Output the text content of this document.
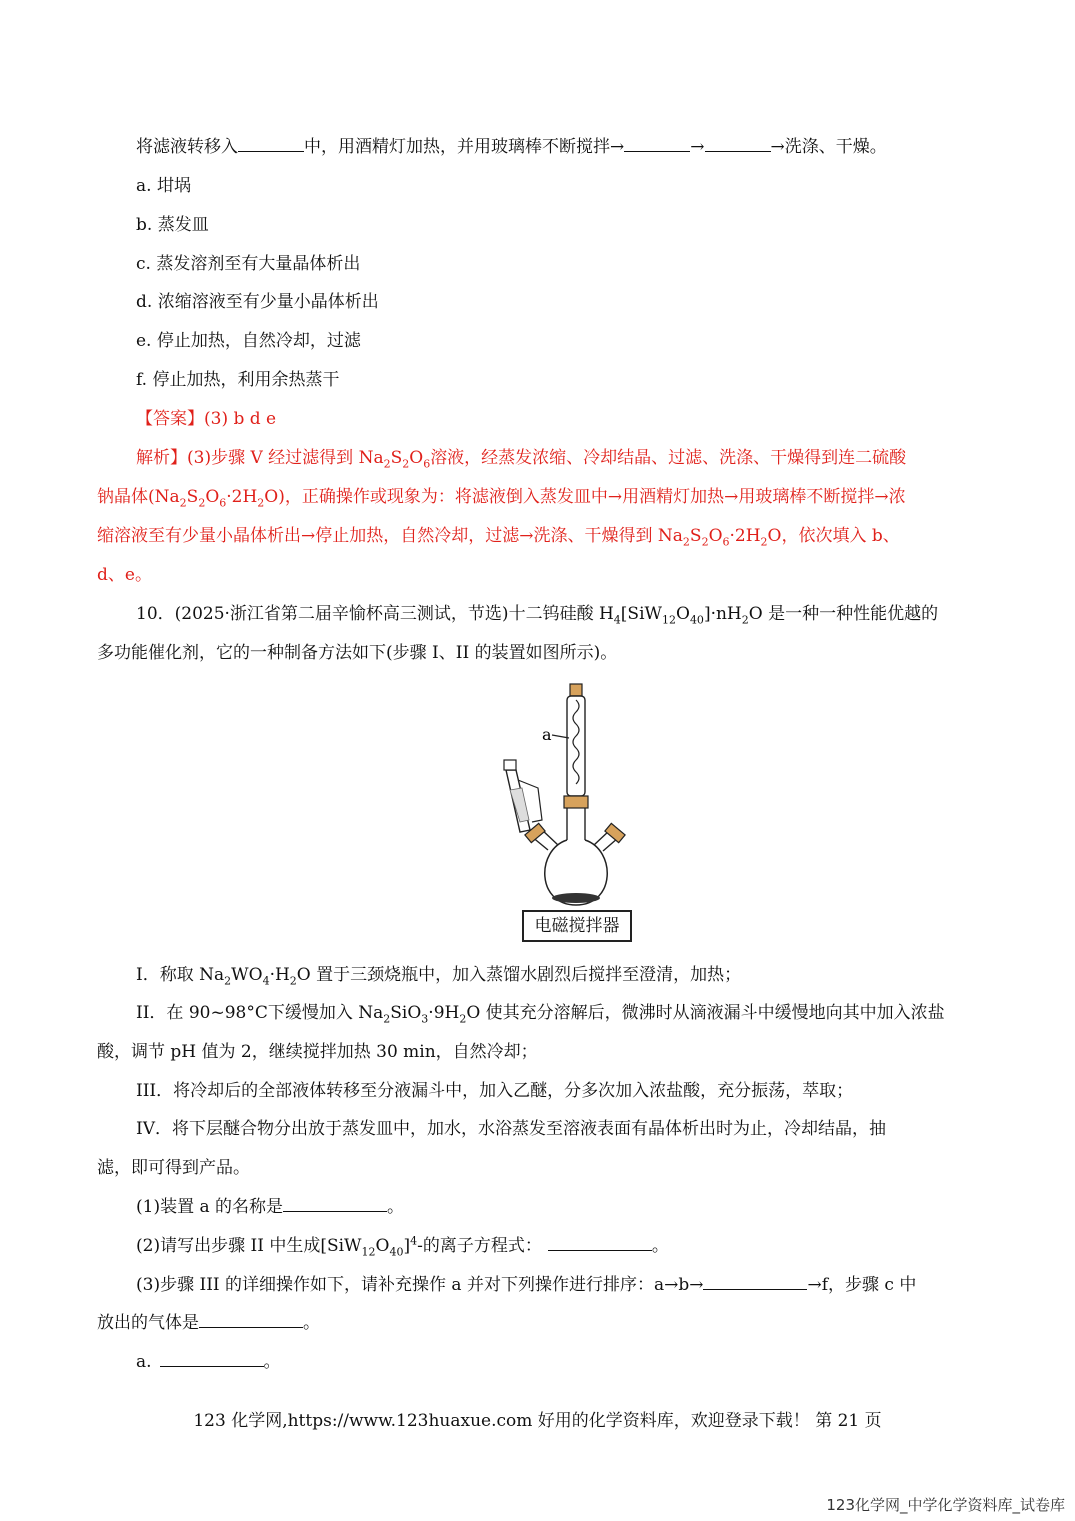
将滤液转移入	中，用酒精灯加热，并用玻璃棒不断搅拌→	→	→洗涤、干燥。
a. 坩埚
b. 蒸发皿
c. 蒸发溶剂至有大量晶体析出
d. 浓缩溶液至有少量小晶体析出
e. 停止加热，自然冷却，过滤
f. 停止加热，利用余热蒸干
【答案】(3) b d e
解析】(3)步骤 V 经过滤得到 $Na_2S_2O_6$溶液，经蒸发浓缩、冷却结晶、过滤、洗涤、干燥得到连二硫酸
钠晶体$(Na_2S_2O_6\cdot 2H_2O)$，正确操作或现象为：将滤液倒入蒸发皿中→用酒精灯加热→用玻璃棒不断搅拌→浓
缩溶液至有少量小晶体析出→停止加热，自然冷却，过滤→洗涤、干燥得到 $Na_2S_2O_6\cdot 2H_2O$，依次填入 b、
d、e。
10．(2025·浙江省第二届辛愉杯高三测试，节选)十二钨硅酸 $H_4[SiW_{12}O_{40}]\cdot nH_2O$ 是一种一种性能优越的
多功能催化剂，它的一种制备方法如下(步骤 I、II 的装置如图所示)。
a
电磁搅拌器
I．称取 $Na_2WO_4\cdot H_2O$ 置于三颈烧瓶中，加入蒸馏水剧烈后搅拌至澄清，加热；
II．在 90~98°C下缓慢加入 $Na_2SiO_3\cdot 9H_2O$ 使其充分溶解后，微沸时从滴液漏斗中缓慢地向其中加入浓盐
酸，调节 pH 值为 2，继续搅拌加热 30 min，自然冷却；
III．将冷却后的全部液体转移至分液漏斗中，加入乙醚，分多次加入浓盐酸，充分振荡，萃取；
IV．将下层醚合物分出放于蒸发皿中，加水，水浴蒸发至溶液表面有晶体析出时为止，冷却结晶，抽
滤，即可得到产品。
(1)装置 a 的名称是	。
(2)请写出步骤 II 中生成$[SiW_{12}O_{40}]^4-$的离子方程式：	。
(3)步骤 III 的详细操作如下，请补充操作 a 并对下列操作进行排序：a→b→	→f，步骤 c 中
放出的气体是	。
a.	。
123 化学网,https://www.123huaxue.com 好用的化学资料库，欢迎登录下载！ 第 21 页
123化学网_中学化学资料库_试卷库
